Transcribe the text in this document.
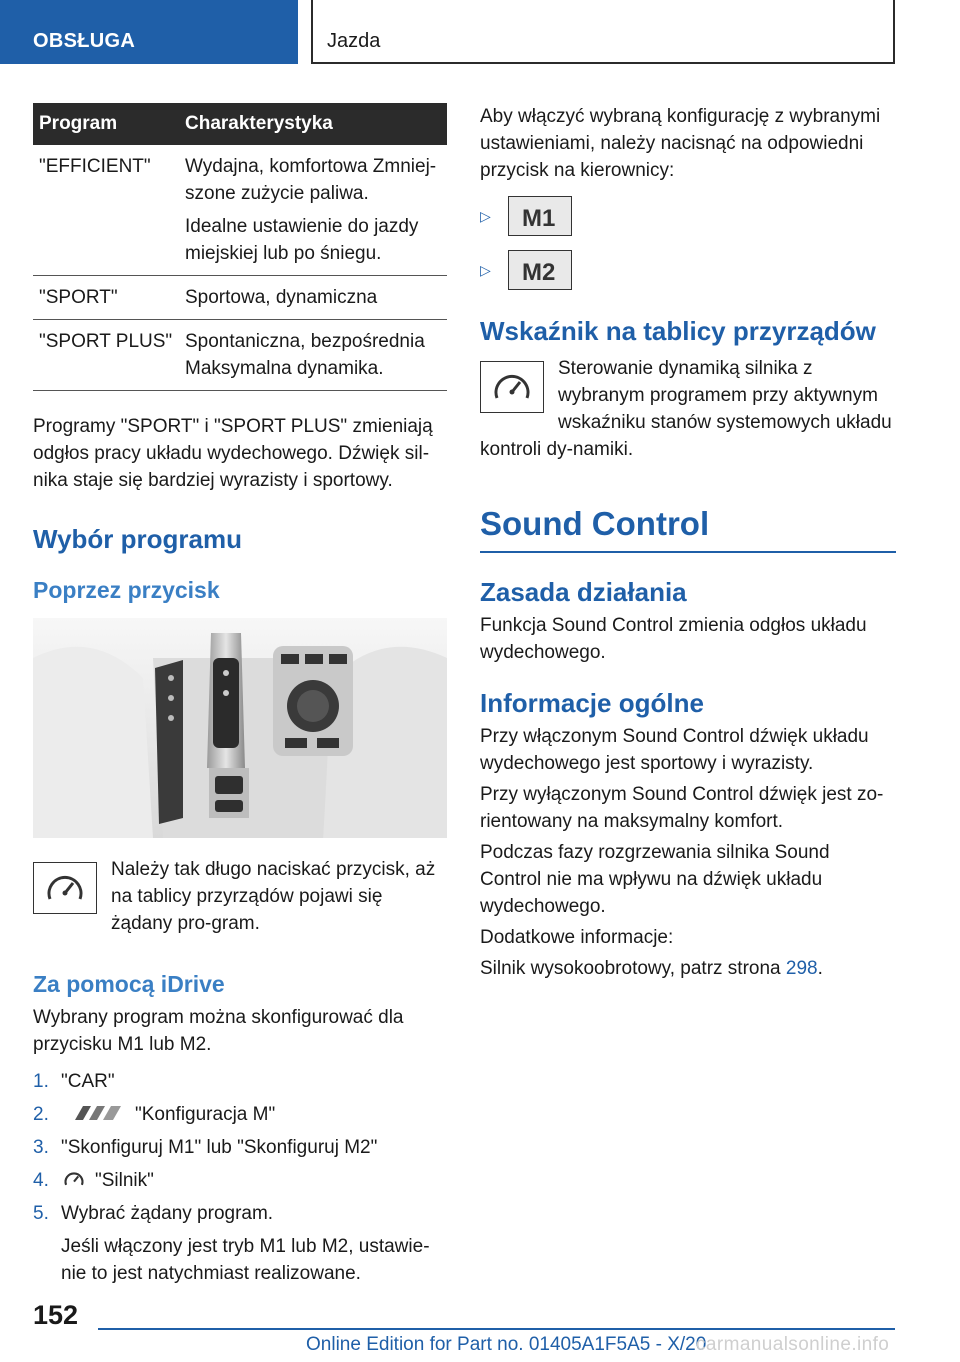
OBSŁUGA	Jazda
Program	Charakterystyka
"EFFICIENT"	Wydajna, komfortowa Zmniej-szone zużycie paliwa.

Idealne ustawienie do jazdy miejskiej lub po śniegu.

"SPORT"	Sportowa, dynamiczna

"SPORT PLUS"	Spontaniczna, bezpośrednia Maksymalna dynamika.

Programy "SPORT" i "SPORT PLUS" zmieniają odgłos pracy układu wydechowego. Dźwięk sil-nika staje się bardziej wyrazisty i sportowy.

Wybór programu
Poprzez przycisk
Należy tak długo naciskać przycisk, aż na tablicy przyrządów pojawi się żądany pro-gram.
Za pomocą iDrive

Wybrany program można skonfigurować dla przycisku M1 lub M2.

1. "CAR"
2.	"Konfiguracja M"
3. "Skonfiguruj M1" lub "Skonfiguruj M2"
4. "Silnik"
5. Wybrać żądany program.
Jeśli włączony jest tryb M1 lub M2, ustawie-nie to jest natychmiast realizowane.

Aby włączyć wybraną konfigurację z wybranymi ustawieniami, należy nacisnąć na odpowiedni przycisk na kierownicy:

▷	M1
▷	M2
Wskaźnik na tablicy przyrządów
Sterowanie dynamiką silnika z wybranym programem przy aktywnym wskaźniku stanów systemowych układu kontroli dy-namiki.
Sound Control
Zasada działania

Funkcja Sound Control zmienia odgłos układu wydechowego.

Informacje ogólne

Przy włączonym Sound Control dźwięk układu wydechowego jest sportowy i wyrazisty.

Przy wyłączonym Sound Control dźwięk jest zo-rientowany na maksymalny komfort.

Podczas fazy rozgrzewania silnika Sound Control nie ma wpływu na dźwięk układu wydechowego.

Dodatkowe informacje:

Silnik wysokoobrotowy, patrz strona 298.

152
Online Edition for Part no. 01405A1F5A5 - X/20
carmanualsonline.info
